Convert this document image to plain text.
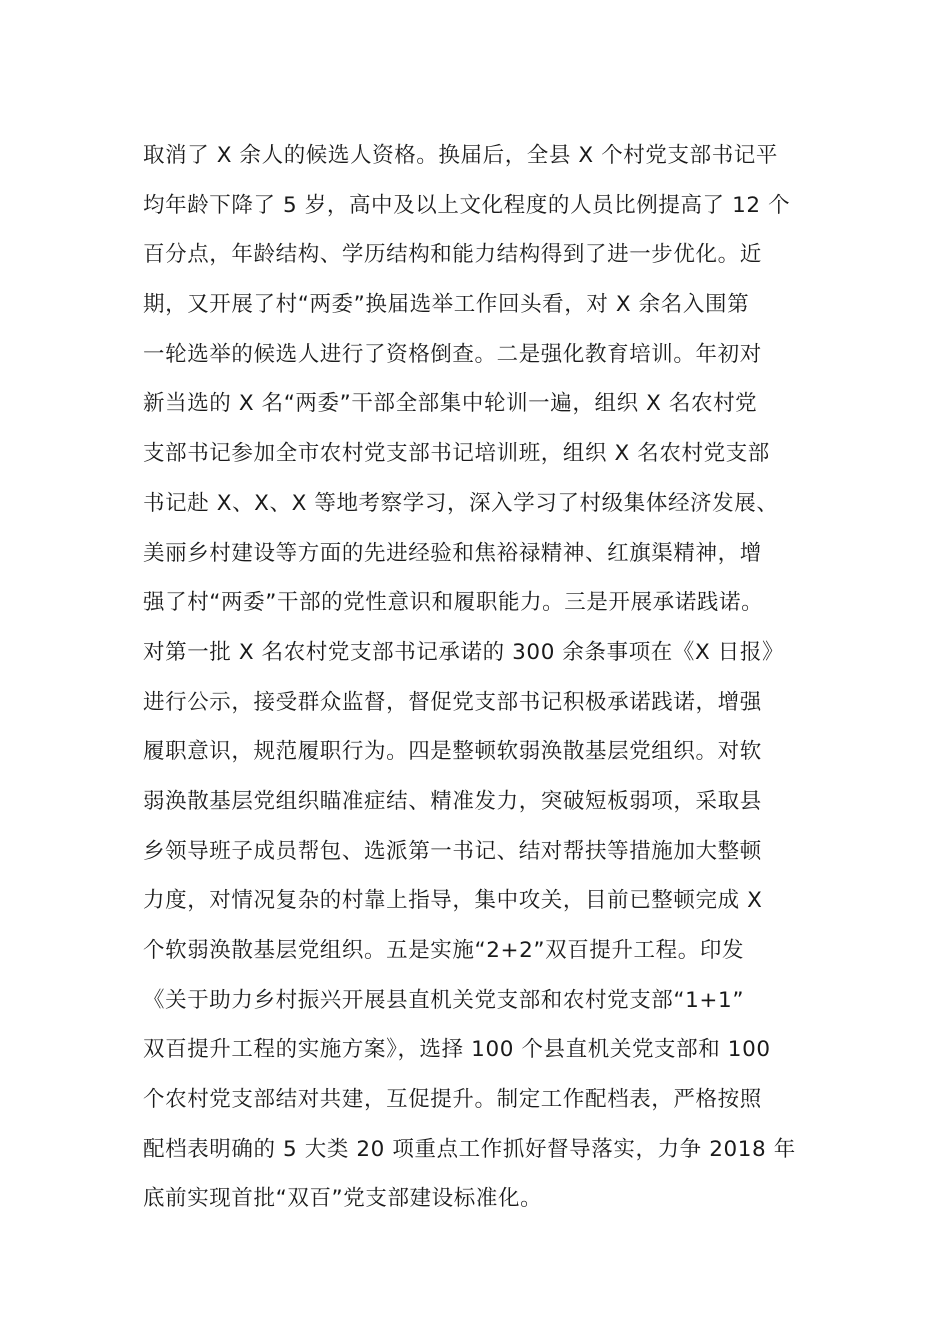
取消了 X 余人的候选人资格。换届后，全县 X 个村党支部书记平
均年龄下降了 5 岁，高中及以上文化程度的人员比例提高了 12 个
百分点，年龄结构、学历结构和能力结构得到了进一步优化。近
期，又开展了村“两委”换届选举工作回头看，对 X 余名入围第
一轮选举的候选人进行了资格倒查。二是强化教育培训。年初对
新当选的 X 名“两委”干部全部集中轮训一遍，组织 X 名农村党
支部书记参加全市农村党支部书记培训班，组织 X 名农村党支部
书记赴 X、X、X 等地考察学习，深入学习了村级集体经济发展、
美丽乡村建设等方面的先进经验和焦裕禄精神、红旗渠精神，增
强了村“两委”干部的党性意识和履职能力。三是开展承诺践诺。
对第一批 X 名农村党支部书记承诺的 300 余条事项在《X 日报》
进行公示，接受群众监督，督促党支部书记积极承诺践诺，增强
履职意识，规范履职行为。四是整顿软弱涣散基层党组织。对软
弱涣散基层党组织瞄准症结、精准发力，突破短板弱项，采取县
乡领导班子成员帮包、选派第一书记、结对帮扶等措施加大整顿
力度，对情况复杂的村靠上指导，集中攻关，目前已整顿完成 X
个软弱涣散基层党组织。五是实施“2+2”双百提升工程。印发
《关于助力乡村振兴开展县直机关党支部和农村党支部“1+1”
双百提升工程的实施方案》，选择 100 个县直机关党支部和 100
个农村党支部结对共建，互促提升。制定工作配档表，严格按照
配档表明确的 5 大类 20 项重点工作抓好督导落实，力争 2018 年
底前实现首批“双百”党支部建设标准化。
